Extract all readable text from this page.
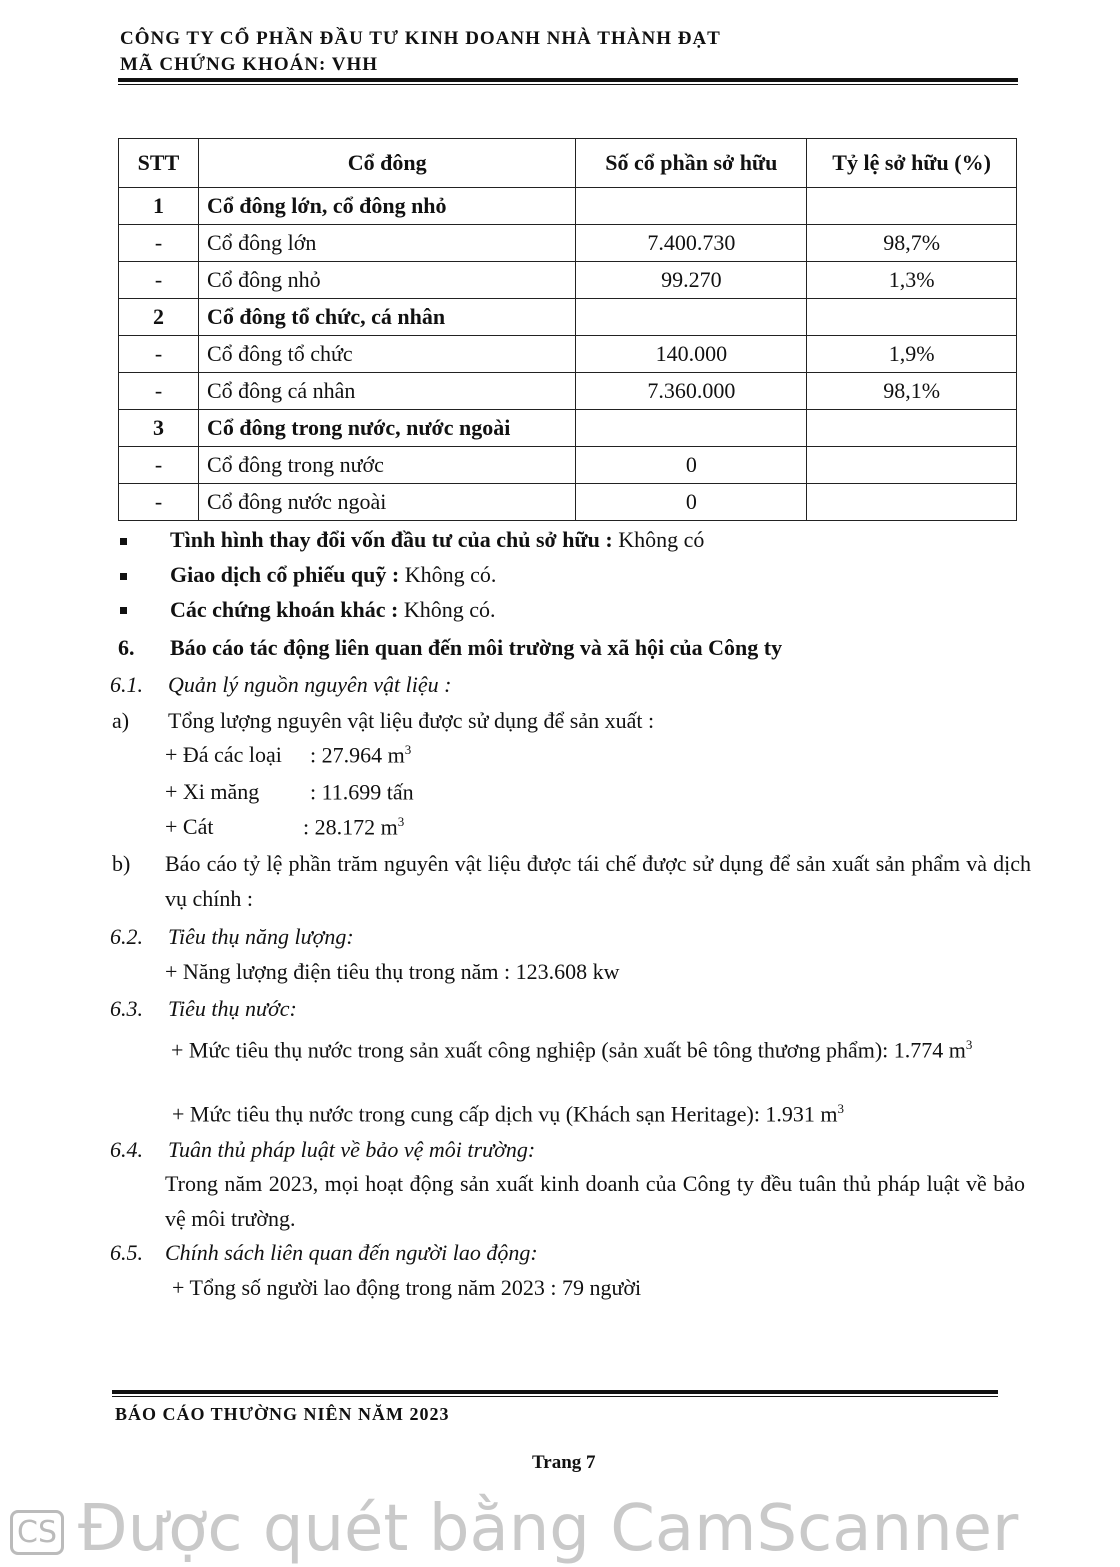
CÔNG TY CỔ PHẦN ĐẦU TƯ KINH DOANH NHÀ THÀNH ĐẠT
MÃ CHỨNG KHOÁN: VHH
STT	Cổ đông	Số cổ phần sở hữu	Tỷ lệ sở hữu (%)
1	Cổ đông lớn, cổ đông nhỏ		
-	Cổ đông lớn	7.400.730	98,7%
-	Cổ đông nhỏ	99.270	1,3%
2	Cổ đông tổ chức, cá nhân		
-	Cổ đông tổ chức	140.000	1,9%
-	Cổ đông cá nhân	7.360.000	98,1%
3	Cổ đông trong nước, nước ngoài		
-	Cổ đông trong nước	0	
-	Cổ đông nước ngoài	0	
Tình hình thay đổi vốn đầu tư của chủ sở hữu : Không có
Giao dịch cổ phiếu quỹ : Không có.
Các chứng khoán khác : Không có.
6. Báo cáo tác động liên quan đến môi trường và xã hội của Công ty
6.1. Quản lý nguồn nguyên vật liệu :
a) Tổng lượng nguyên vật liệu được sử dụng để sản xuất :
+ Đá các loại : 27.964 $m^3$
+ Xi măng : 11.699 tấn
+ Cát	: 28.172 $m^3$
b) Báo cáo tỷ lệ phần trăm nguyên vật liệu được tái chế được sử dụng để sản xuất sản phẩm và dịch vụ chính :
6.2. Tiêu thụ năng lượng:
+ Năng lượng điện tiêu thụ trong năm : 123.608 kw
6.3. Tiêu thụ nước:
+ Mức tiêu thụ nước trong sản xuất công nghiệp (sản xuất bê tông thương phẩm): 1.774 $m^3$
+ Mức tiêu thụ nước trong cung cấp dịch vụ (Khách sạn Heritage): 1.931 $m^3$
6.4. Tuân thủ pháp luật về bảo vệ môi trường:
Trong năm 2023, mọi hoạt động sản xuất kinh doanh của Công ty đều tuân thủ pháp luật về bảo vệ môi trường.
6.5. Chính sách liên quan đến người lao động:
+ Tổng số người lao động trong năm 2023 : 79 người
BÁO CÁO THƯỜNG NIÊN NĂM 2023
Trang 7
CS Được quét bằng CamScanner
